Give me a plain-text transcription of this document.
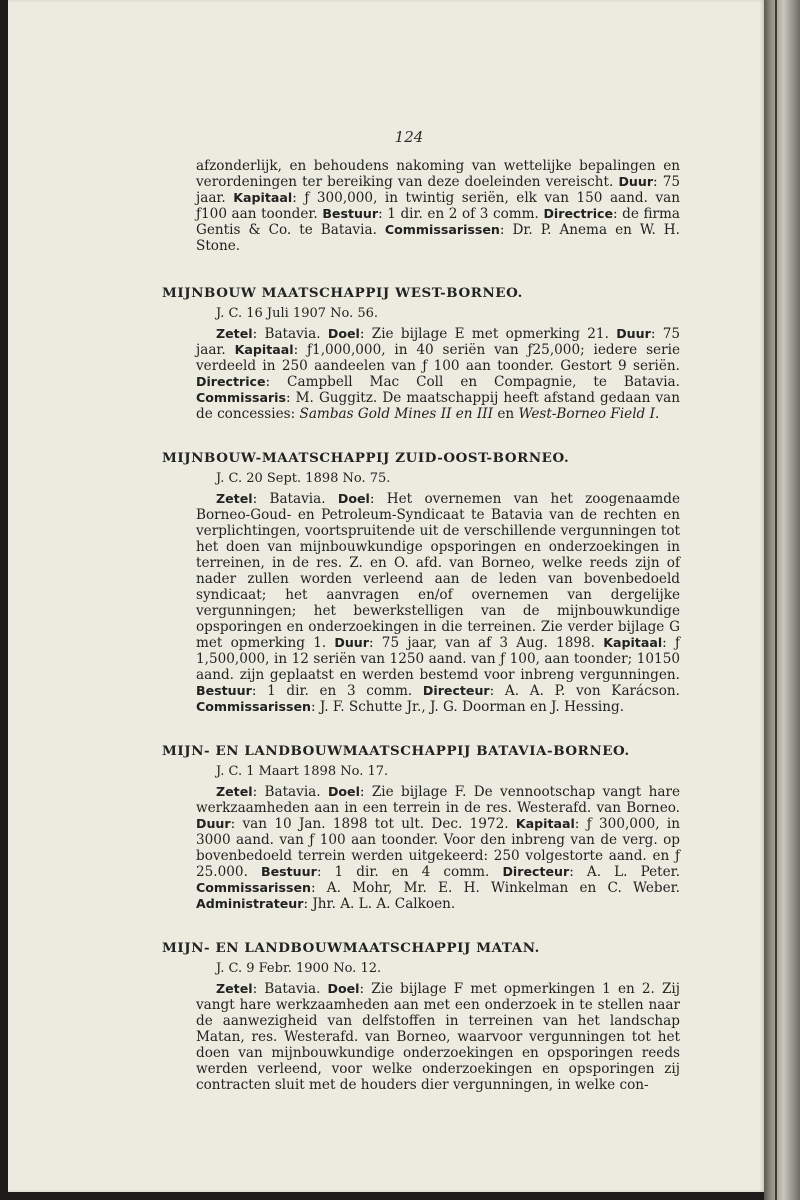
124

afzonderlijk, en behoudens nakoming van wettelijke bepalingen en verordeningen ter bereiking van deze doeleinden vereischt. Duur: 75 jaar. Kapitaal: ƒ 300,000, in twintig seriën, elk van 150 aand. van ƒ100 aan toonder. Bestuur: 1 dir. en 2 of 3 comm. Directrice: de firma Gentis & Co. te Batavia. Commissarissen: Dr. P. Anema en W. H. Stone.

MIJNBOUW MAATSCHAPPIJ WEST-BORNEO.
J. C. 16 Juli 1907 No. 56.

Zetel: Batavia. Doel: Zie bijlage E met opmerking 21. Duur: 75 jaar. Kapitaal: ƒ1,000,000, in 40 seriën van ƒ25,000; iedere serie verdeeld in 250 aandeelen van ƒ 100 aan toonder. Gestort 9 seriën. Directrice: Campbell Mac Coll en Compagnie, te Batavia. Commissaris: M. Guggitz. De maatschappij heeft afstand gedaan van de concessies: Sambas Gold Mines II en III en West-Borneo Field I.

MIJNBOUW-MAATSCHAPPIJ ZUID-OOST-BORNEO.
J. C. 20 Sept. 1898 No. 75.

Zetel: Batavia. Doel: Het overnemen van het zoogenaamde Borneo-Goud- en Petroleum-Syndicaat te Batavia van de rechten en verplichtingen, voortspruitende uit de verschillende vergunningen tot het doen van mijnbouwkundige opsporingen en onderzoekingen in terreinen, in de res. Z. en O. afd. van Borneo, welke reeds zijn of nader zullen worden verleend aan de leden van bovenbedoeld syndicaat; het aanvragen en/of overnemen van dergelijke vergunningen; het bewerkstelligen van de mijnbouwkundige opsporingen en onderzoekingen in die terreinen. Zie verder bijlage G met opmerking 1. Duur: 75 jaar, van af 3 Aug. 1898. Kapitaal: ƒ 1,500,000, in 12 seriën van 1250 aand. van ƒ 100, aan toonder; 10150 aand. zijn geplaatst en werden bestemd voor inbreng vergunningen. Bestuur: 1 dir. en 3 comm. Directeur: A. A. P. von Karácson. Commissarissen: J. F. Schutte Jr., J. G. Doorman en J. Hessing.

MIJN- EN LANDBOUWMAATSCHAPPIJ BATAVIA-BORNEO.
J. C. 1 Maart 1898 No. 17.

Zetel: Batavia. Doel: Zie bijlage F. De vennootschap vangt hare werkzaamheden aan in een terrein in de res. Westerafd. van Borneo. Duur: van 10 Jan. 1898 tot ult. Dec. 1972. Kapitaal: ƒ 300,000, in 3000 aand. van ƒ 100 aan toonder. Voor den inbreng van de verg. op bovenbedoeld terrein werden uitgekeerd: 250 volgestorte aand. en ƒ 25.000. Bestuur: 1 dir. en 4 comm. Directeur: A. L. Peter. Commissarissen: A. Mohr, Mr. E. H. Winkelman en C. Weber. Administrateur: Jhr. A. L. A. Calkoen.

MIJN- EN LANDBOUWMAATSCHAPPIJ MATAN.
J. C. 9 Febr. 1900 No. 12.

Zetel: Batavia. Doel: Zie bijlage F met opmerkingen 1 en 2. Zij vangt hare werkzaamheden aan met een onderzoek in te stellen naar de aanwezigheid van delfstoffen in terreinen van het landschap Matan, res. Westerafd. van Borneo, waarvoor vergunningen tot het doen van mijnbouwkundige onderzoekingen en opsporingen reeds werden verleend, voor welke onderzoekingen en opsporingen zij contracten sluit met de houders dier vergunningen, in welke con-
